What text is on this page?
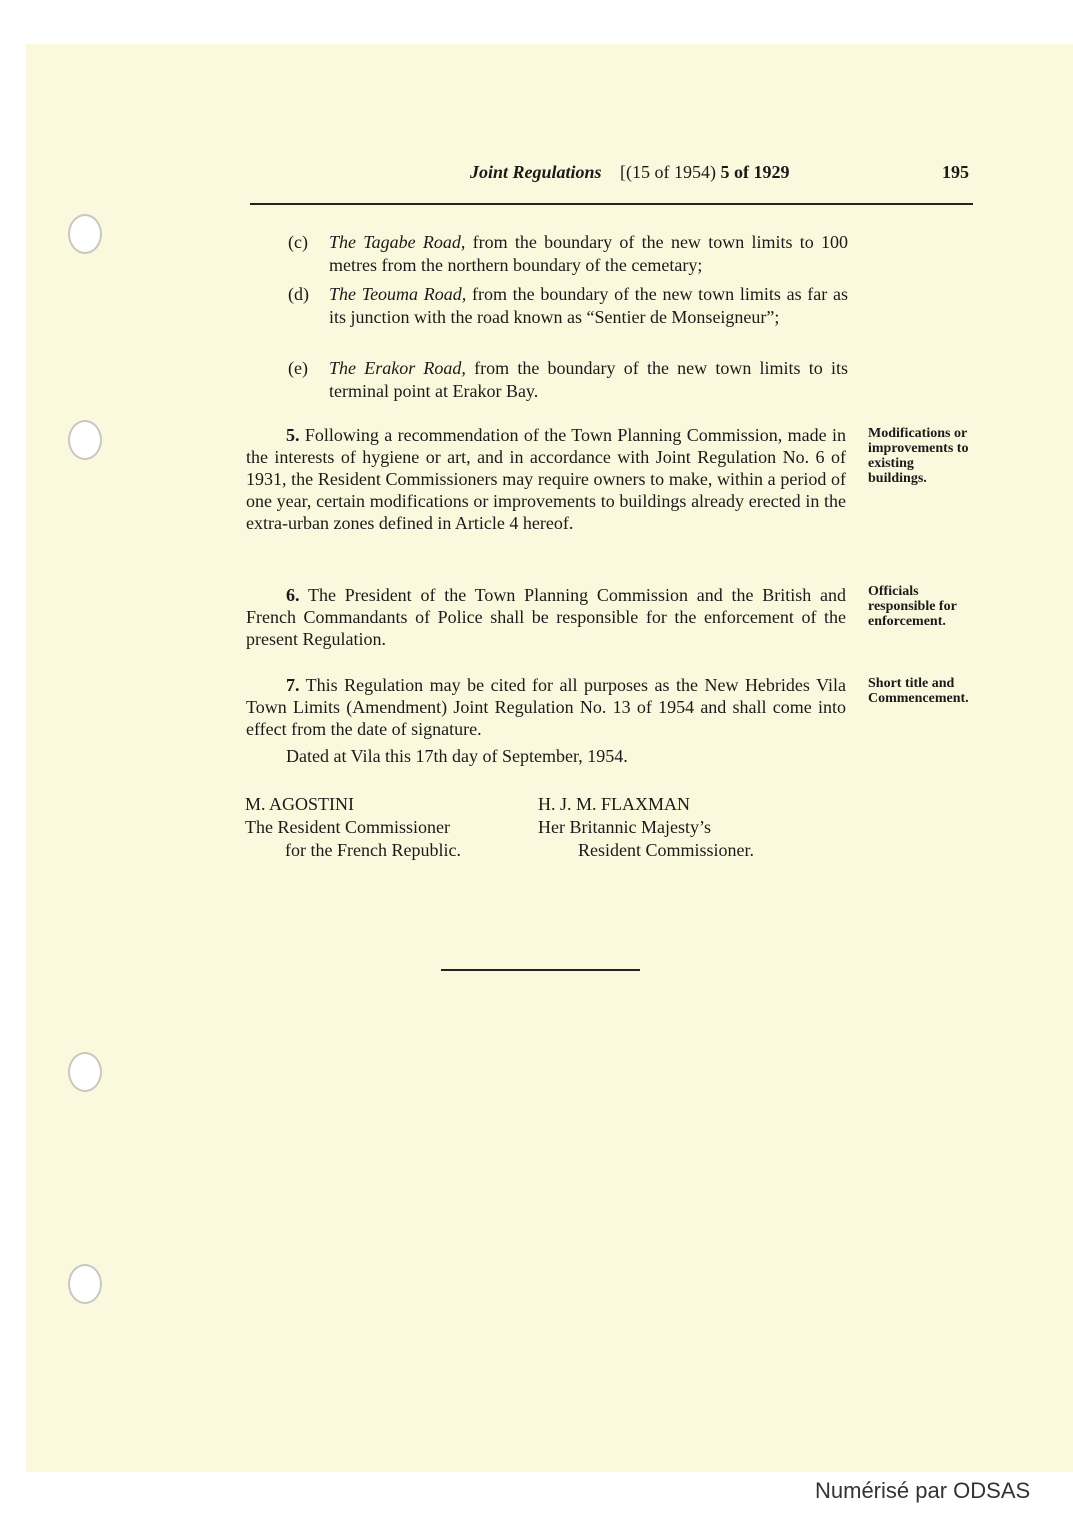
Joint Regulations [(15 of 1954) 5 of 1929	195
(c) The Tagabe Road, from the boundary of the new town limits to 100 metres from the northern boundary of the cemetary;
(d) The Teouma Road, from the boundary of the new town limits as far as its junction with the road known as “Sentier de Monseigneur”;
(e) The Erakor Road, from the boundary of the new town limits to its terminal point at Erakor Bay.
5. Following a recommendation of the Town Planning Commission, made in the interests of hygiene or art, and in accordance with Joint Regulation No. 6 of 1931, the Resident Commissioners may require owners to make, within a period of one year, certain modifications or improvements to buildings already erected in the extra-urban zones defined in Article 4 hereof.
Modifications or improvements to existing buildings.
6. The President of the Town Planning Commission and the British and French Commandants of Police shall be responsible for the enforcement of the present Regulation.
Officials responsible for enforcement.
7. This Regulation may be cited for all purposes as the New Hebrides Vila Town Limits (Amendment) Joint Regulation No. 13 of 1954 and shall come into effect from the date of signature.
Short title and Commencement.
Dated at Vila this 17th day of September, 1954.
M. AGOSTINI
The Resident Commissioner
for the French Republic.
H. J. M. FLAXMAN
Her Britannic Majesty’s
Resident Commissioner.
Numérisé par ODSAS
